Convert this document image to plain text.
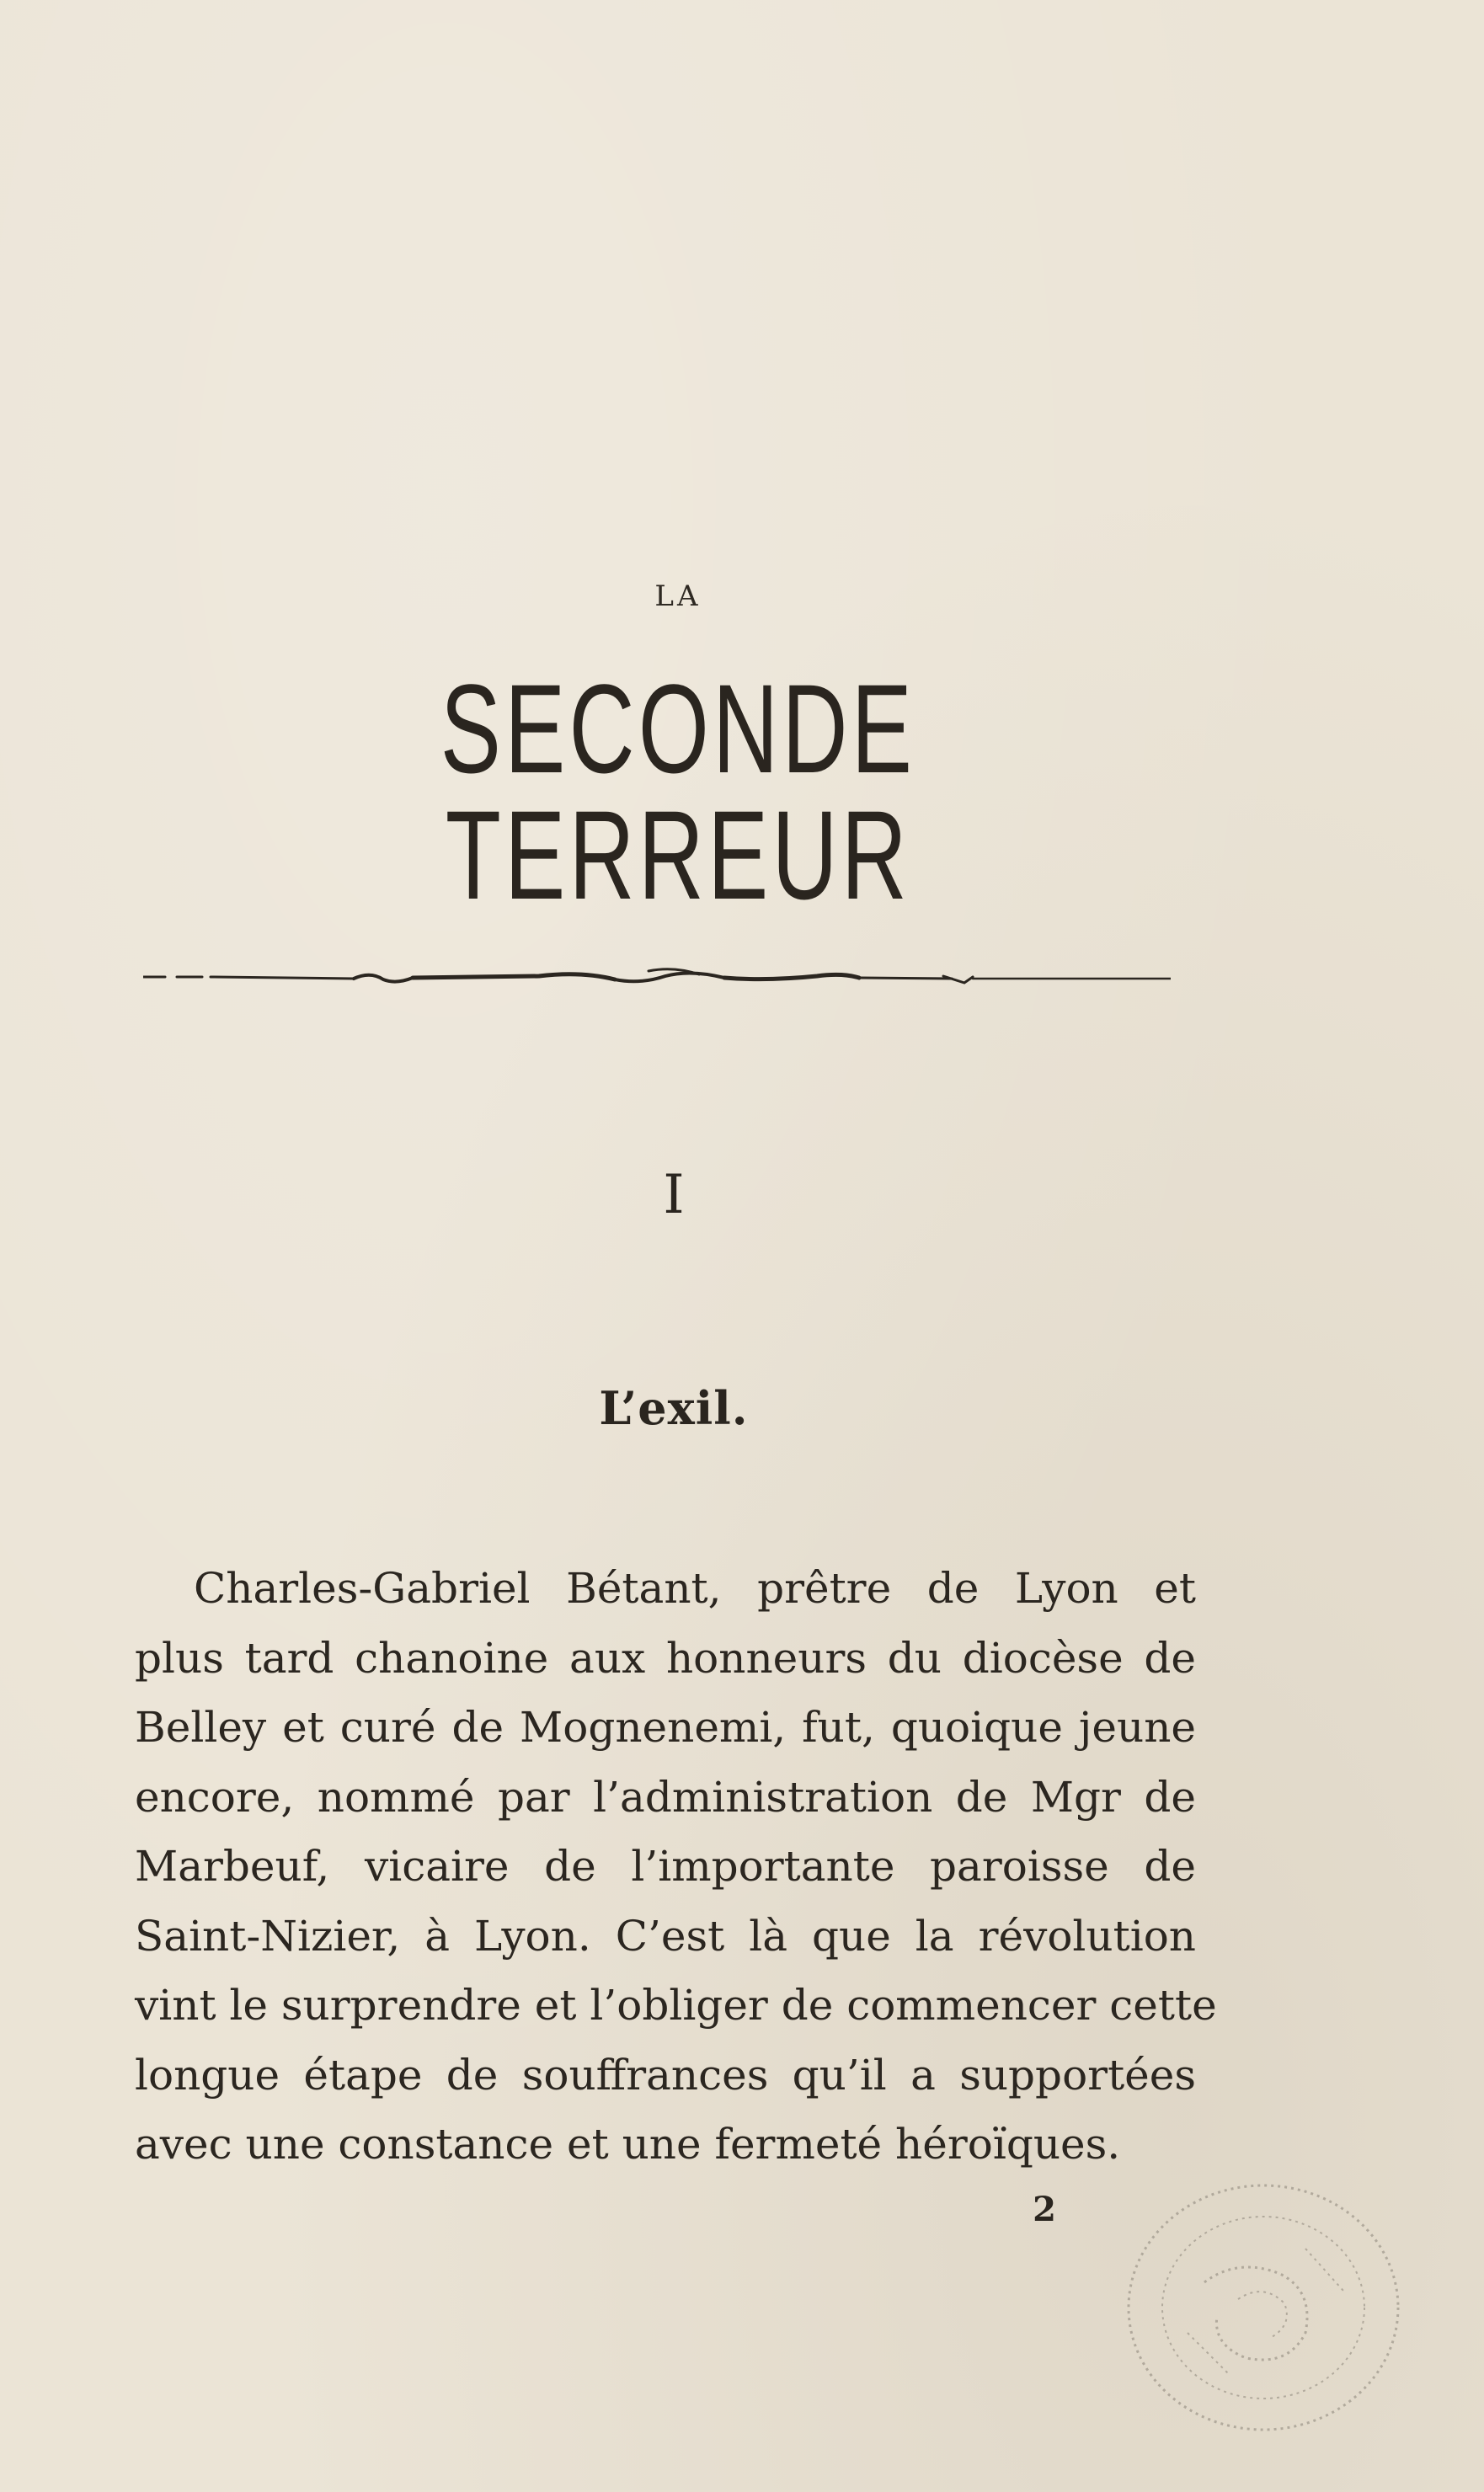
LA
SECONDE TERREUR
I
L’exil.
Charles-Gabriel Bétant, prêtre de Lyon et
plus tard chanoine aux honneurs du diocèse de
Belley et curé de Mognenemi, fut, quoique jeune
encore, nommé par l’administration de Mgr de
Marbeuf, vicaire de l’importante paroisse de
Saint-Nizier, à Lyon. C’est là que la révolution
vint le surprendre et l’obliger de commencer cette
longue étape de souffrances qu’il a supportées
avec une constance et une fermeté héroïques.
2
